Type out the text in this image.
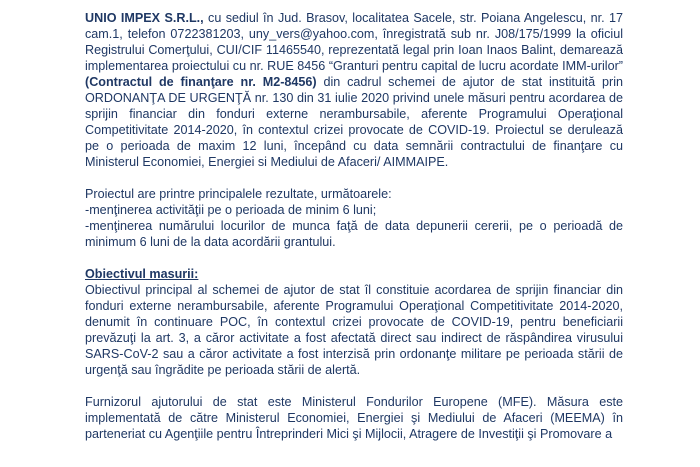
UNIO IMPEX S.R.L., cu sediul în Jud. Brasov, localitatea Sacele, str. Poiana Angelescu, nr. 17 cam.1, telefon 0722381203, uny_vers@yahoo.com, înregistrată sub nr. J08/175/1999 la oficiul Registrului Comerţului, CUI/CIF 11465540, reprezentată legal prin Ioan Inaos Balint, demarează implementarea proiectului cu nr. RUE 8456 “Granturi pentru capital de lucru acordate IMM-urilor” (Contractul de finanţare nr. M2-8456) din cadrul schemei de ajutor de stat instituită prin ORDONANŢA DE URGENŢĂ nr. 130 din 31 iulie 2020 privind unele măsuri pentru acordarea de sprijin financiar din fonduri externe nerambursabile, aferente Programului Operaţional Competitivitate 2014-2020, în contextul crizei provocate de COVID-19. Proiectul se derulează pe o perioada de maxim 12 luni, începând cu data semnării contractului de finanţare cu Ministerul Economiei, Energiei si Mediului de Afaceri/ AIMMAIPE.

Proiectul are printre principalele rezultate, următoarele:
-menţinerea activităţii pe o perioada de minim 6 luni;
-menţinerea numărului locurilor de munca faţă de data depunerii cererii, pe o perioadă de minimum 6 luni de la data acordării grantului.

Obiectivul masurii:

Obiectivul principal al schemei de ajutor de stat îl constituie acordarea de sprijin financiar din fonduri externe nerambursabile, aferente Programului Operaţional Competitivitate 2014-2020, denumit în continuare POC, în contextul crizei provocate de COVID-19, pentru beneficiarii prevăzuţi la art. 3, a căror activitate a fost afectată direct sau indirect de răspândirea virusului SARS-CoV-2 sau a căror activitate a fost interzisă prin ordonanţe militare pe perioada stării de urgenţă sau îngrădite pe perioada stării de alertă.

Furnizorul ajutorului de stat este Ministerul Fondurilor Europene (MFE). Măsura este implementată de către Ministerul Economiei, Energiei şi Mediului de Afaceri (MEEMA) în parteneriat cu Agenţiile pentru Întreprinderi Mici şi Mijlocii, Atragere de Investiţii şi Promovare a
